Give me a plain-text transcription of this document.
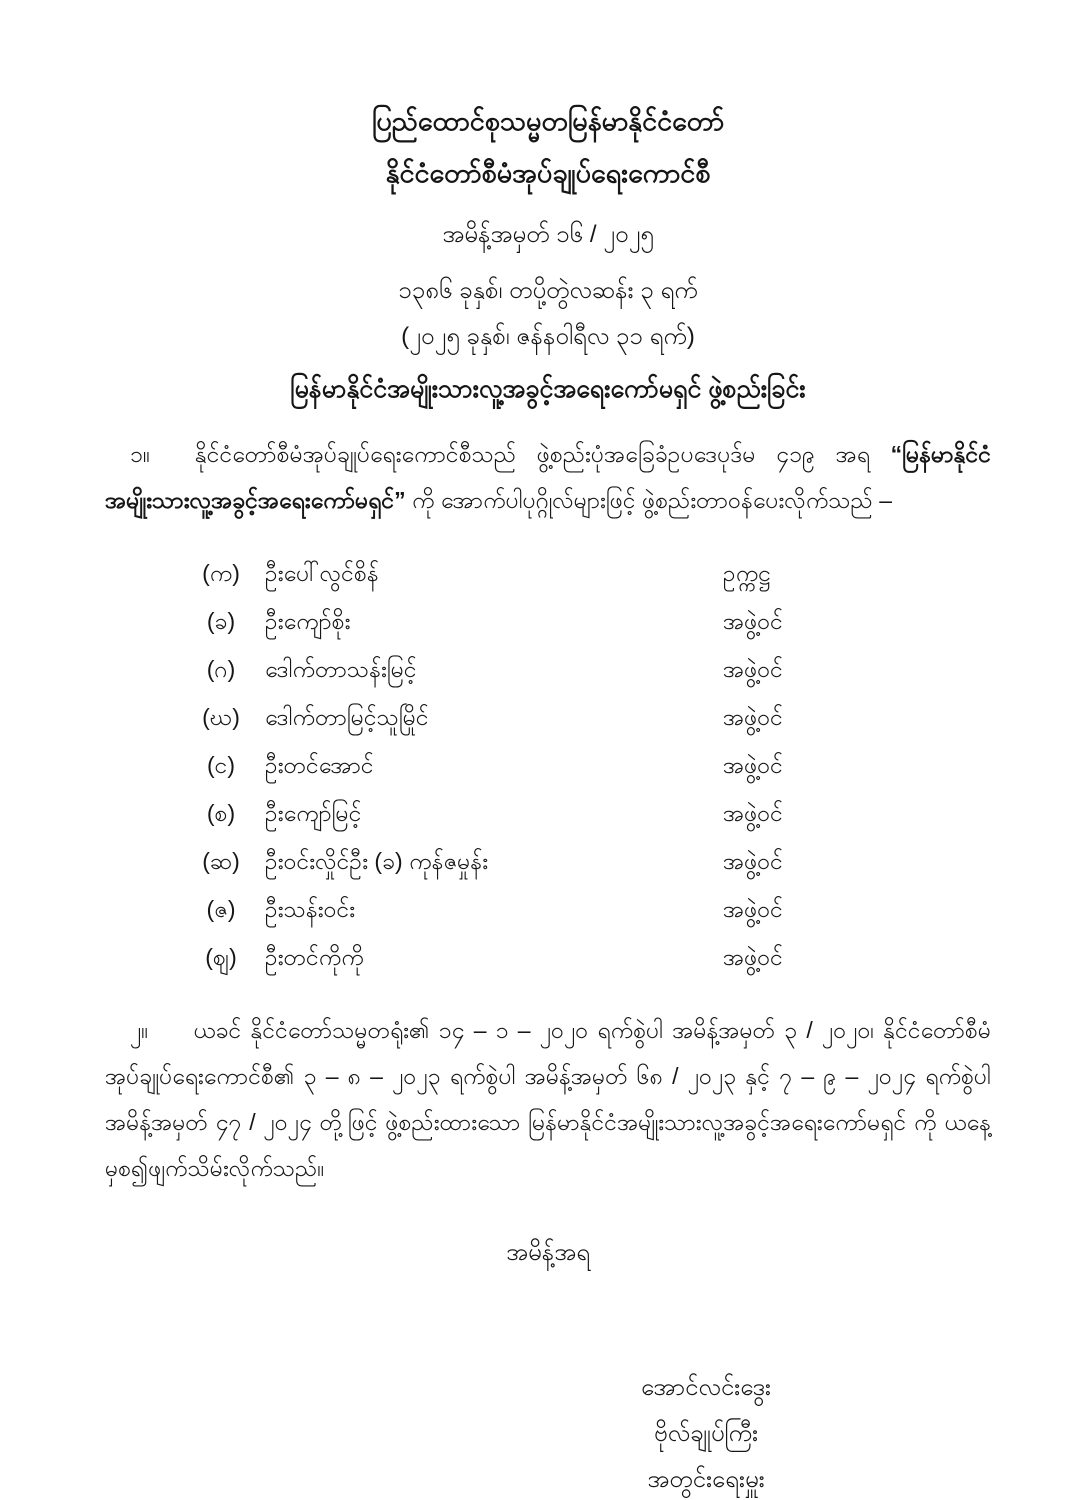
ပြည်ထောင်စုသမ္မတမြန်မာနိုင်ငံတော်
နိုင်ငံတော်စီမံအုပ်ချုပ်ရေးကောင်စီ
အမိန့်အမှတ် ၁၆ / ၂၀၂၅
၁၃၈၆ ခုနှစ်၊ တပို့တွဲလဆန်း ၃ ရက်
(၂၀၂၅ ခုနှစ်၊ ဇန်နဝါရီလ ၃၁ ရက်)
မြန်မာနိုင်ငံအမျိုးသားလူ့အခွင့်အရေးကော်မရှင် ဖွဲ့စည်းခြင်း

၁။ နိုင်ငံတော်စီမံအုပ်ချုပ်ရေးကောင်စီသည် ဖွဲ့စည်းပုံအခြေခံဥပဒေပုဒ်မ ၄၁၉ အရ “မြန်မာနိုင်ငံအမျိုးသားလူ့အခွင့်အရေးကော်မရှင်” ကို အောက်ပါပုဂ္ဂိုလ်များဖြင့် ဖွဲ့စည်းတာဝန်ပေးလိုက်သည် –

(က)	ဦးပေါ်လွင်စိန်	ဥက္ကဋ္ဌ
(ခ)	ဦးကျော်စိုး	အဖွဲ့ဝင်
(ဂ)	ဒေါက်တာသန်းမြင့်	အဖွဲ့ဝင်
(ဃ)	ဒေါက်တာမြင့်သူမြိုင်	အဖွဲ့ဝင်
(င)	ဦးတင်အောင်	အဖွဲ့ဝင်
(စ)	ဦးကျော်မြင့်	အဖွဲ့ဝင်
(ဆ)	ဦးဝင်းလှိုင်ဦး (ခ) ကုန်ဇမှုန်း	အဖွဲ့ဝင်
(ဇ)	ဦးသန်းဝင်း	အဖွဲ့ဝင်
(ဈ)	ဦးတင်ကိုကို	အဖွဲ့ဝင်

၂။ ယခင် နိုင်ငံတော်သမ္မတရုံး၏ ၁၄ – ၁ – ၂၀၂၀ ရက်စွဲပါ အမိန့်အမှတ် ၃ / ၂၀၂၀၊ နိုင်ငံတော်စီမံအုပ်ချုပ်ရေးကောင်စီ၏ ၃ – ၈ – ၂၀၂၃ ရက်စွဲပါ အမိန့်အမှတ် ၆၈ / ၂၀၂၃ နှင့် ၇ – ၉ – ၂၀၂၄ ရက်စွဲပါ အမိန့်အမှတ် ၄၇ / ၂၀၂၄ တို့ဖြင့် ဖွဲ့စည်းထားသော မြန်မာနိုင်ငံအမျိုးသားလူ့အခွင့်အရေးကော်မရှင် ကို ယနေ့မှစ၍ဖျက်သိမ်းလိုက်သည်။

အမိန့်အရ
အောင်လင်းဒွေး
ဗိုလ်ချုပ်ကြီး
အတွင်းရေးမှူး
